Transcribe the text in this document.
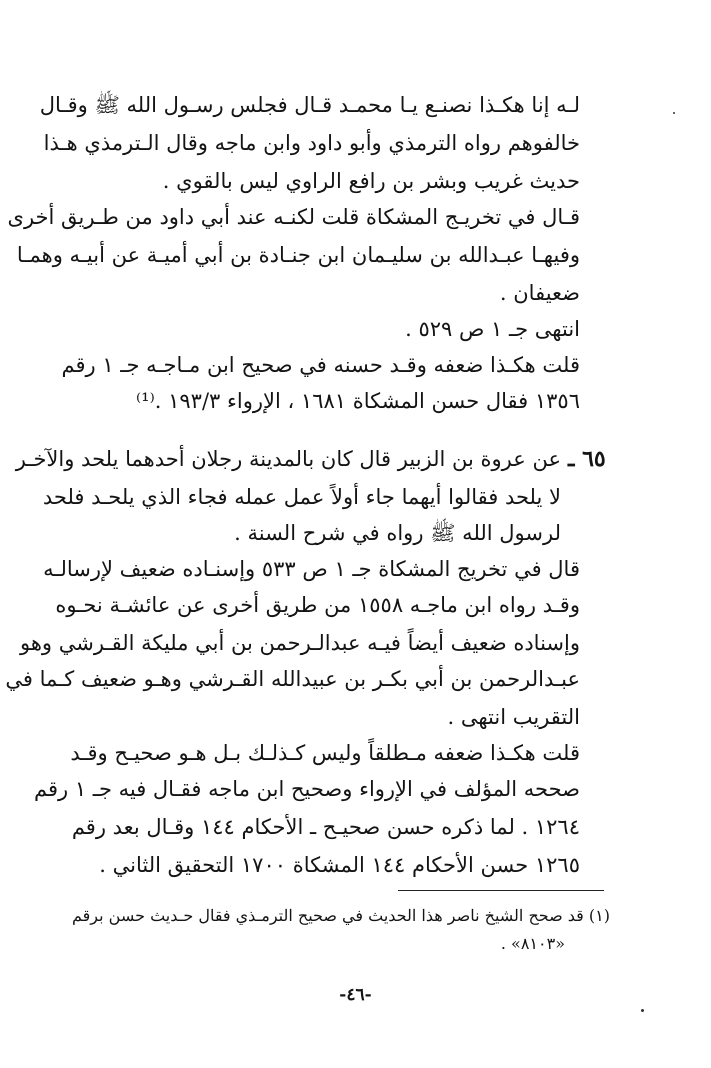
لـه إنا هكـذا نصنـع يـا محمـد قـال فجلس رسـول الله ﷺ وقـال
خالفوهم رواه الترمذي وأبو داود وابن ماجه وقال الـترمذي هـذا
حديث غريب وبشر بن رافع الراوي ليس بالقوي .
قـال في تخريـج المشكاة قلت لكنـه عند أبي داود من طـريق أخرى
وفيهـا عبـدالله بن سليـمان ابن جنـادة بن أبي أميـة عن أبيـه وهمـا
ضعيفان .
انتهى جـ ١ ص ٥٢٩ .
قلت هكـذا ضعفه وقـد حسنه في صحيح ابن مـاجـه جـ ١ رقم
١٣٥٦ فقال حسن المشكاة ١٦٨١ ، الإرواء ١٩٣/٣ .⁽¹⁾
٦٥ ـ
عن عروة بن الزبير قال كان بالمدينة رجلان أحدهما يلحد والآخـر
لا يلحد فقالوا أيهما جاء أولاً عمل عمله فجاء الذي يلحـد فلحد
لرسول الله ﷺ رواه في شرح السنة .
قال في تخريج المشكاة جـ ١ ص ٥٣٣ وإسنـاده ضعيف لإرسالـه
وقـد رواه ابن ماجـه ١٥٥٨ من طريق أخرى عن عائشـة نحـوه
وإسناده ضعيف أيضاً فيـه عبدالـرحمن بن أبي مليكة القـرشي وهو
عبـدالرحمن بن أبي بكـر بن عبيدالله القـرشي وهـو ضعيف كـما في
التقريب انتهى .
قلت هكـذا ضعفه مـطلقاً وليس كـذلـك بـل هـو صحيـح وقـد
صححه المؤلف في الإرواء وصحيح ابن ماجه فقـال فيه جـ ١ رقم
١٢٦٤ . لما ذكره حسن صحيـح ـ الأحكام ١٤٤ وقـال بعد رقم
١٢٦٥ حسن الأحكام ١٤٤ المشكاة ١٧٠٠ التحقيق الثاني .
(١) قد صحح الشيخ ناصر هذا الحديث في صحيح الترمـذي فقال حـديث حسن برقم
«٨١٠٣» .
-٤٦-
